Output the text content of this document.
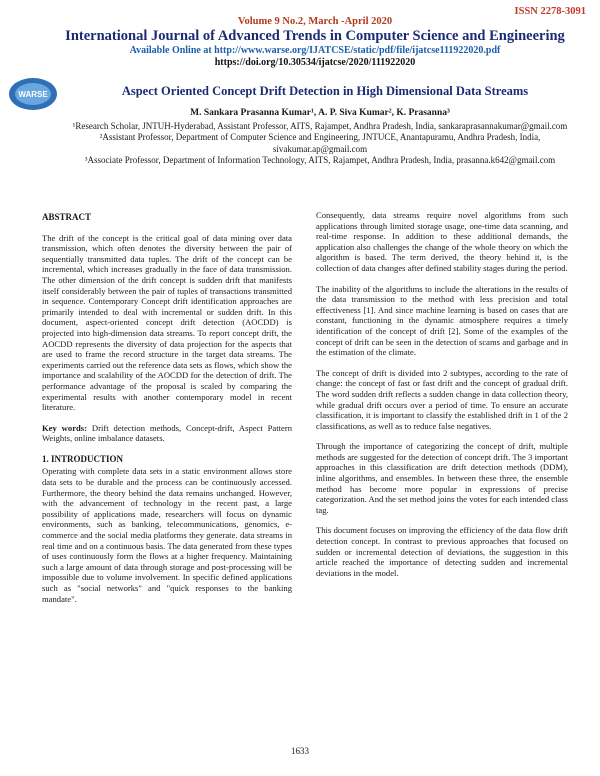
ISSN 2278-3091
Volume 9 No.2, March -April 2020
International Journal of Advanced Trends in Computer Science and Engineering
Available Online at http://www.warse.org/IJATCSE/static/pdf/file/ijatcse111922020.pdf
https://doi.org/10.30534/ijatcse/2020/111922020
WARSE	Aspect Oriented Concept Drift Detection in High Dimensional Data Streams

M. Sankara Prasanna Kumar¹, A. P. Siva Kumar², K. Prasanna³

¹Research Scholar, JNTUH-Hyderabad, Assistant Professor, AITS, Rajampet, Andhra Pradesh, India, sankaraprasannakumar@gmail.com

²Assistant Professor, Department of Computer Science and Engineering, JNTUCE, Anantapuramu, Andhra Pradesh, India, sivakumar.ap@gmail.com

³Associate Professor, Department of Information Technology, AITS, Rajampet, Andhra Pradesh, India, prasanna.k642@gmail.com

ABSTRACT

The drift of the concept is the critical goal of data mining over data transmission, which often denotes the diversity between the pair of sequentially transmitted data tuples. The drift of the concept can be incremental, which increases gradually in the face of data transmission. The other dimension of the drift concept is sudden drift that manifests itself considerably between the pair of tuples of transactions transmitted in sequence. Contemporary Concept drift identification approaches are primarily intended to deal with incremental or sudden drift. In this document, aspect-oriented concept drift detection (AOCDD) is projected into high-dimension data streams. To report concept drift, the AOCDD represents the diversity of data projection for the aspects that are used to frame the record structure in the target data streams. The experiments carried out the reference data sets as flows, which show the importance and scalability of the AOCDD for the detection of drift. The performance advantage of the proposal is scaled by comparing the experimental results with another contemporary model in recent literature.

Key words: Drift detection methods, Concept-drift, Aspect Pattern Weights, online imbalance datasets.

1. INTRODUCTION

Operating with complete data sets in a static environment allows store data sets to be durable and the process can be continuously accessed. Furthermore, the theory behind the data remains unchanged. However, with the advancement of technology in the recent past, a large possibility of applications made, researchers will focus on dynamic environments, such as banking, telecommunications, genomics, e-commerce and the social media platforms they generate. data streams in real time and on a continuous basis. The data generated from these types of uses continuously form the flows at a higher frequency. Maintaining such a large amount of data through storage and post-processing will be impossible due to volume involvement. In specific defined applications such as "social networks" and "quick responses to the banking mandate".

Consequently, data streams require novel algorithms from such applications through limited storage usage, one-time data scanning, and real-time response. In addition to these additional demands, the application also challenges the change of the whole theory on which the algorithm is based. The term derived, the theory behind it, is the collection of data changes after defined stability stages during the period.

The inability of the algorithms to include the alterations in the results of the data transmission to the method with less precision and total effectiveness [1]. And since machine learning is based on cases that are constant, functioning in the dynamic atmosphere requires a timely identification of the concept of drift [2]. Some of the examples of the concept of drift can be seen in the detection of scams and garbage and in the estimation of the climate.

The concept of drift is divided into 2 subtypes, according to the rate of change: the concept of fast or fast drift and the concept of gradual drift. The word sudden drift reflects a sudden change in data collection theory, while gradual drift occurs over a period of time. To ensure an accurate classification, it is important to classify the established drift in 1 of the 2 classifications, as well as to reduce false negatives.

Through the importance of categorizing the concept of drift, multiple methods are suggested for the detection of concept drift. The 3 important approaches in this classification are drift detection methods (DDM), inline algorithms, and ensembles. In between these three, the ensemble method has become more popular in expressions of precise categorization. And the set method joins the votes for each intended class tag.

This document focuses on improving the efficiency of the data flow drift detection concept. In contrast to previous approaches that focused on sudden or incremental detection of deviations, the suggestion in this article reached the importance of detecting sudden and incremental deviations in the model.

1633
